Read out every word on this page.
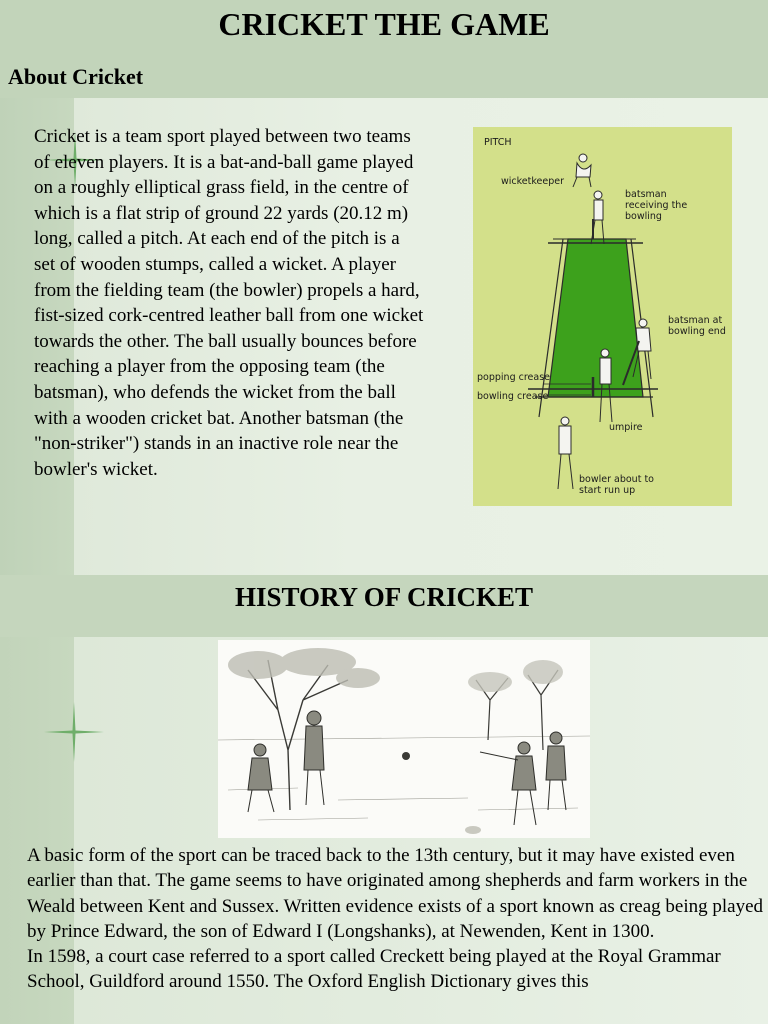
CRICKET THE GAME
About Cricket

Cricket is a team sport played between two teams of eleven players. It is a bat-and-ball game played on a roughly elliptical grass field, in the centre of which is a flat strip of ground 22 yards (20.12 m) long, called a pitch. At each end of the pitch is a set of wooden stumps, called a wicket. A player from the fielding team (the bowler) propels a hard, fist-sized cork-centred leather ball from one wicket towards the other. The ball usually bounces before reaching a player from the opposing team (the batsman), who defends the wicket from the ball with a wooden cricket bat. Another batsman (the "non-striker") stands in an inactive role near the bowler's wicket.

PITCH
wicketkeeper
batsman
receiving the
bowling
batsman at
bowling end
popping crease
bowling crease
umpire
bowler about to
start run up
HISTORY OF CRICKET

A basic form of the sport can be traced back to the 13th century, but it may have existed even earlier than that. The game seems to have originated among shepherds and farm workers in the Weald between Kent and Sussex. Written evidence exists of a sport known as creag being played by Prince Edward, the son of Edward I (Longshanks), at Newenden, Kent in 1300.

In 1598, a court case referred to a sport called Creckett being played at the Royal Grammar School, Guildford around 1550. The Oxford English Dictionary gives this
